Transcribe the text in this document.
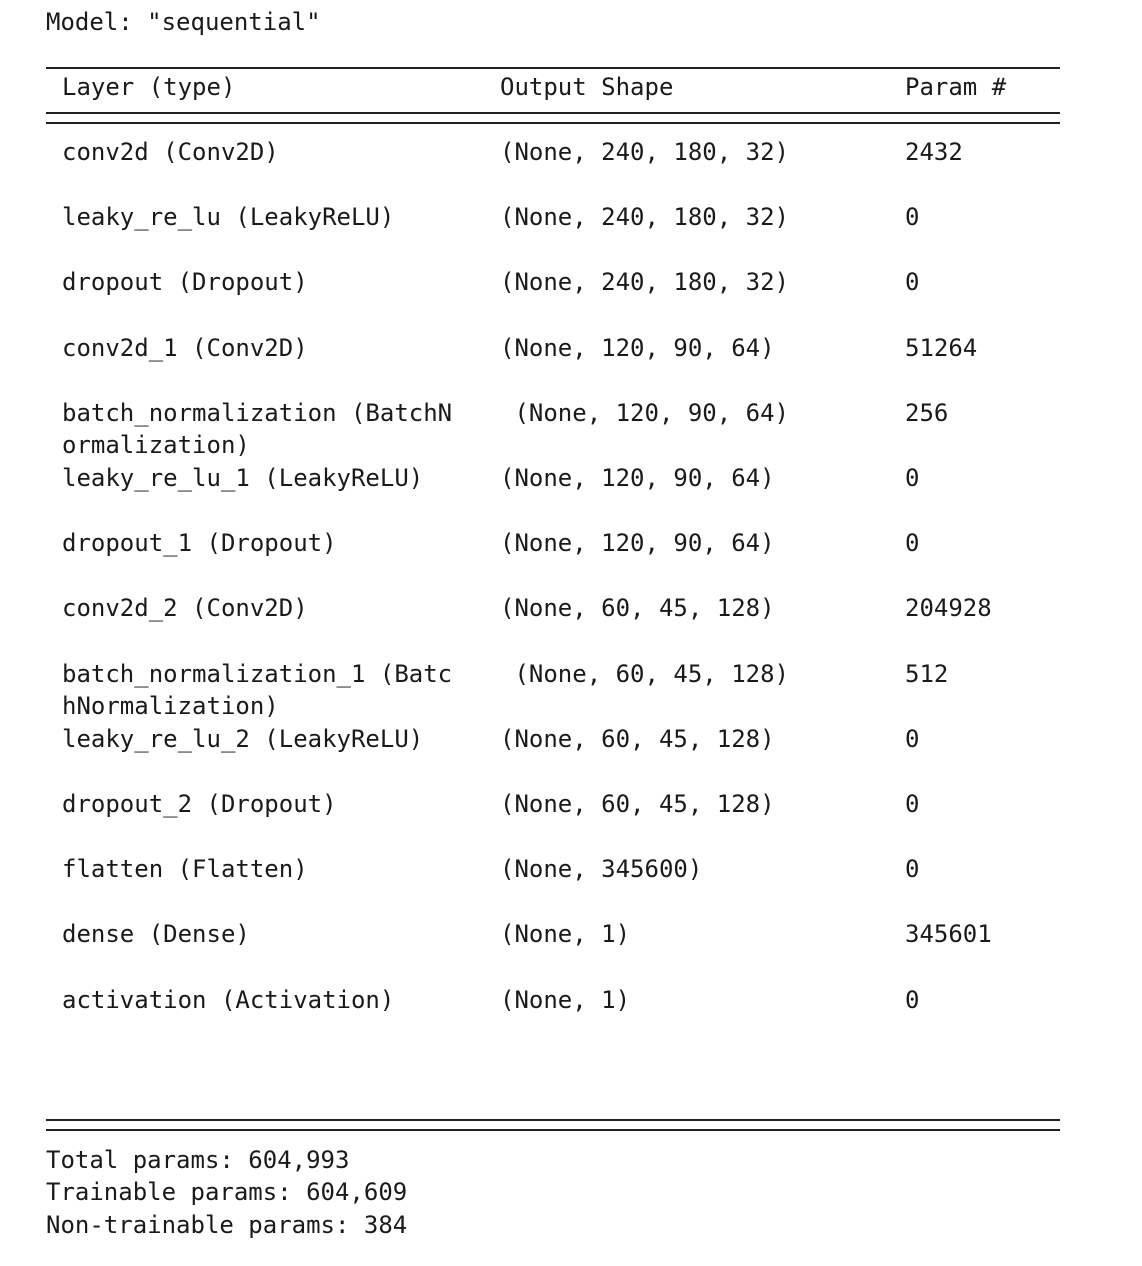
Model: "sequential"
Layer (type)	Output Shape	Param #
conv2d (Conv2D)	(None, 240, 180, 32)	2432
leaky_re_lu (LeakyReLU)	(None, 240, 180, 32)	0
dropout (Dropout)	(None, 240, 180, 32)	0
conv2d_1 (Conv2D)	(None, 120, 90, 64)	51264
batch_normalization (BatchN
ormalization)
(None, 120, 90, 64)	256
leaky_re_lu_1 (LeakyReLU)	(None, 120, 90, 64)	0
dropout_1 (Dropout)	(None, 120, 90, 64)	0
conv2d_2 (Conv2D)	(None, 60, 45, 128)	204928
batch_normalization_1 (Batc
hNormalization)
(None, 60, 45, 128)	512
leaky_re_lu_2 (LeakyReLU)	(None, 60, 45, 128)	0
dropout_2 (Dropout)	(None, 60, 45, 128)	0
flatten (Flatten)	(None, 345600)	0
dense (Dense)	(None, 1)	345601
activation (Activation)	(None, 1)	0
Total params: 604,993
Trainable params: 604,609
Non-trainable params: 384
